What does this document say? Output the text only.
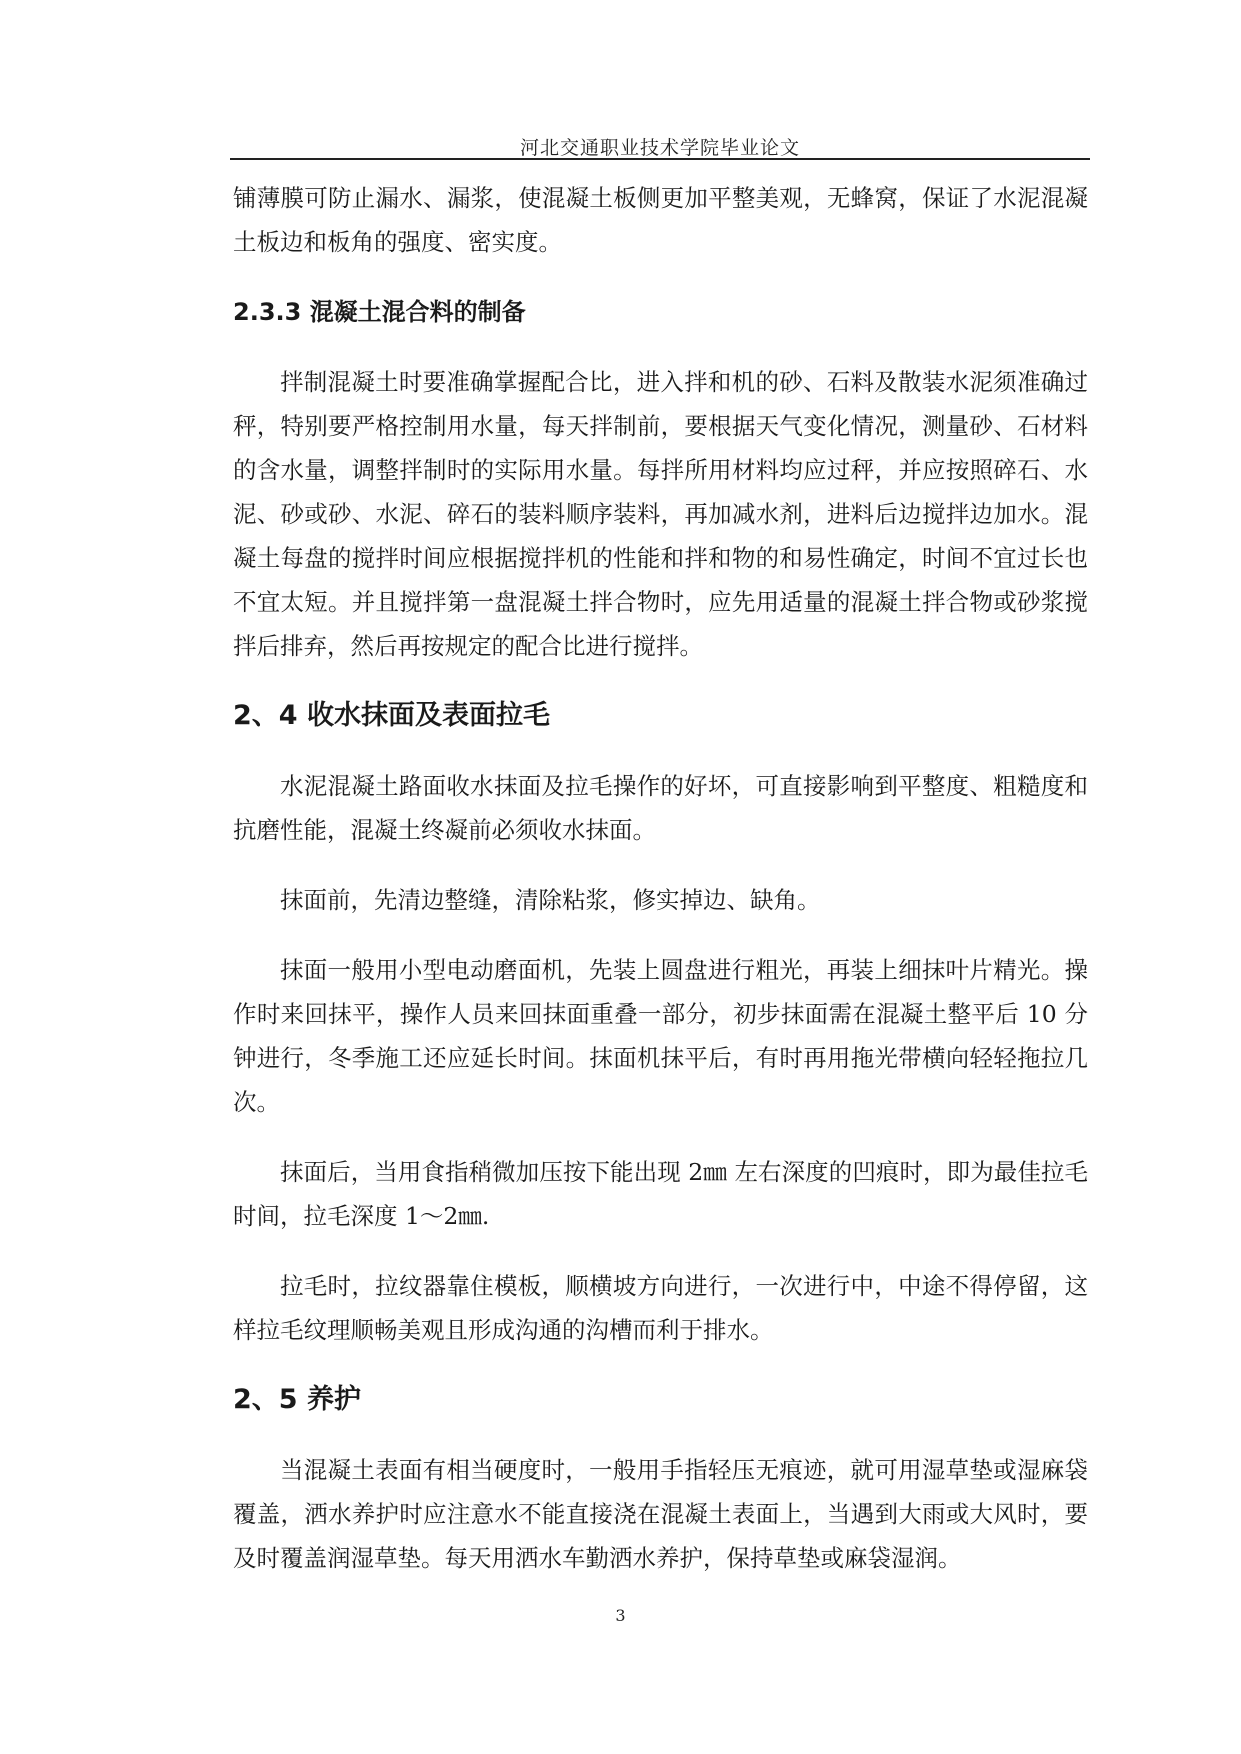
河北交通职业技术学院毕业论文

铺薄膜可防止漏水、漏浆，使混凝土板侧更加平整美观，无蜂窝，保证了水泥混凝土板边和板角的强度、密实度。

2.3.3 混凝土混合料的制备

拌制混凝土时要准确掌握配合比，进入拌和机的砂、石料及散装水泥须准确过秤，特别要严格控制用水量，每天拌制前，要根据天气变化情况，测量砂、石材料的含水量，调整拌制时的实际用水量。每拌所用材料均应过秤，并应按照碎石、水泥、砂或砂、水泥、碎石的装料顺序装料，再加减水剂，进料后边搅拌边加水。混凝土每盘的搅拌时间应根据搅拌机的性能和拌和物的和易性确定，时间不宜过长也不宜太短。并且搅拌第一盘混凝土拌合物时，应先用适量的混凝土拌合物或砂浆搅拌后排弃，然后再按规定的配合比进行搅拌。

2、4 收水抹面及表面拉毛

水泥混凝土路面收水抹面及拉毛操作的好坏，可直接影响到平整度、粗糙度和抗磨性能，混凝土终凝前必须收水抹面。

抹面前，先清边整缝，清除粘浆，修实掉边、缺角。

抹面一般用小型电动磨面机，先装上圆盘进行粗光，再装上细抹叶片精光。操作时来回抹平，操作人员来回抹面重叠一部分，初步抹面需在混凝土整平后 10 分钟进行，冬季施工还应延长时间。抹面机抹平后，有时再用拖光带横向轻轻拖拉几次。

抹面后，当用食指稍微加压按下能出现 2㎜ 左右深度的凹痕时，即为最佳拉毛时间，拉毛深度 1～2㎜.

拉毛时，拉纹器靠住模板，顺横坡方向进行，一次进行中，中途不得停留，这样拉毛纹理顺畅美观且形成沟通的沟槽而利于排水。

2、5 养护

当混凝土表面有相当硬度时，一般用手指轻压无痕迹，就可用湿草垫或湿麻袋覆盖，洒水养护时应注意水不能直接浇在混凝土表面上，当遇到大雨或大风时，要及时覆盖润湿草垫。每天用洒水车勤洒水养护，保持草垫或麻袋湿润。

3
